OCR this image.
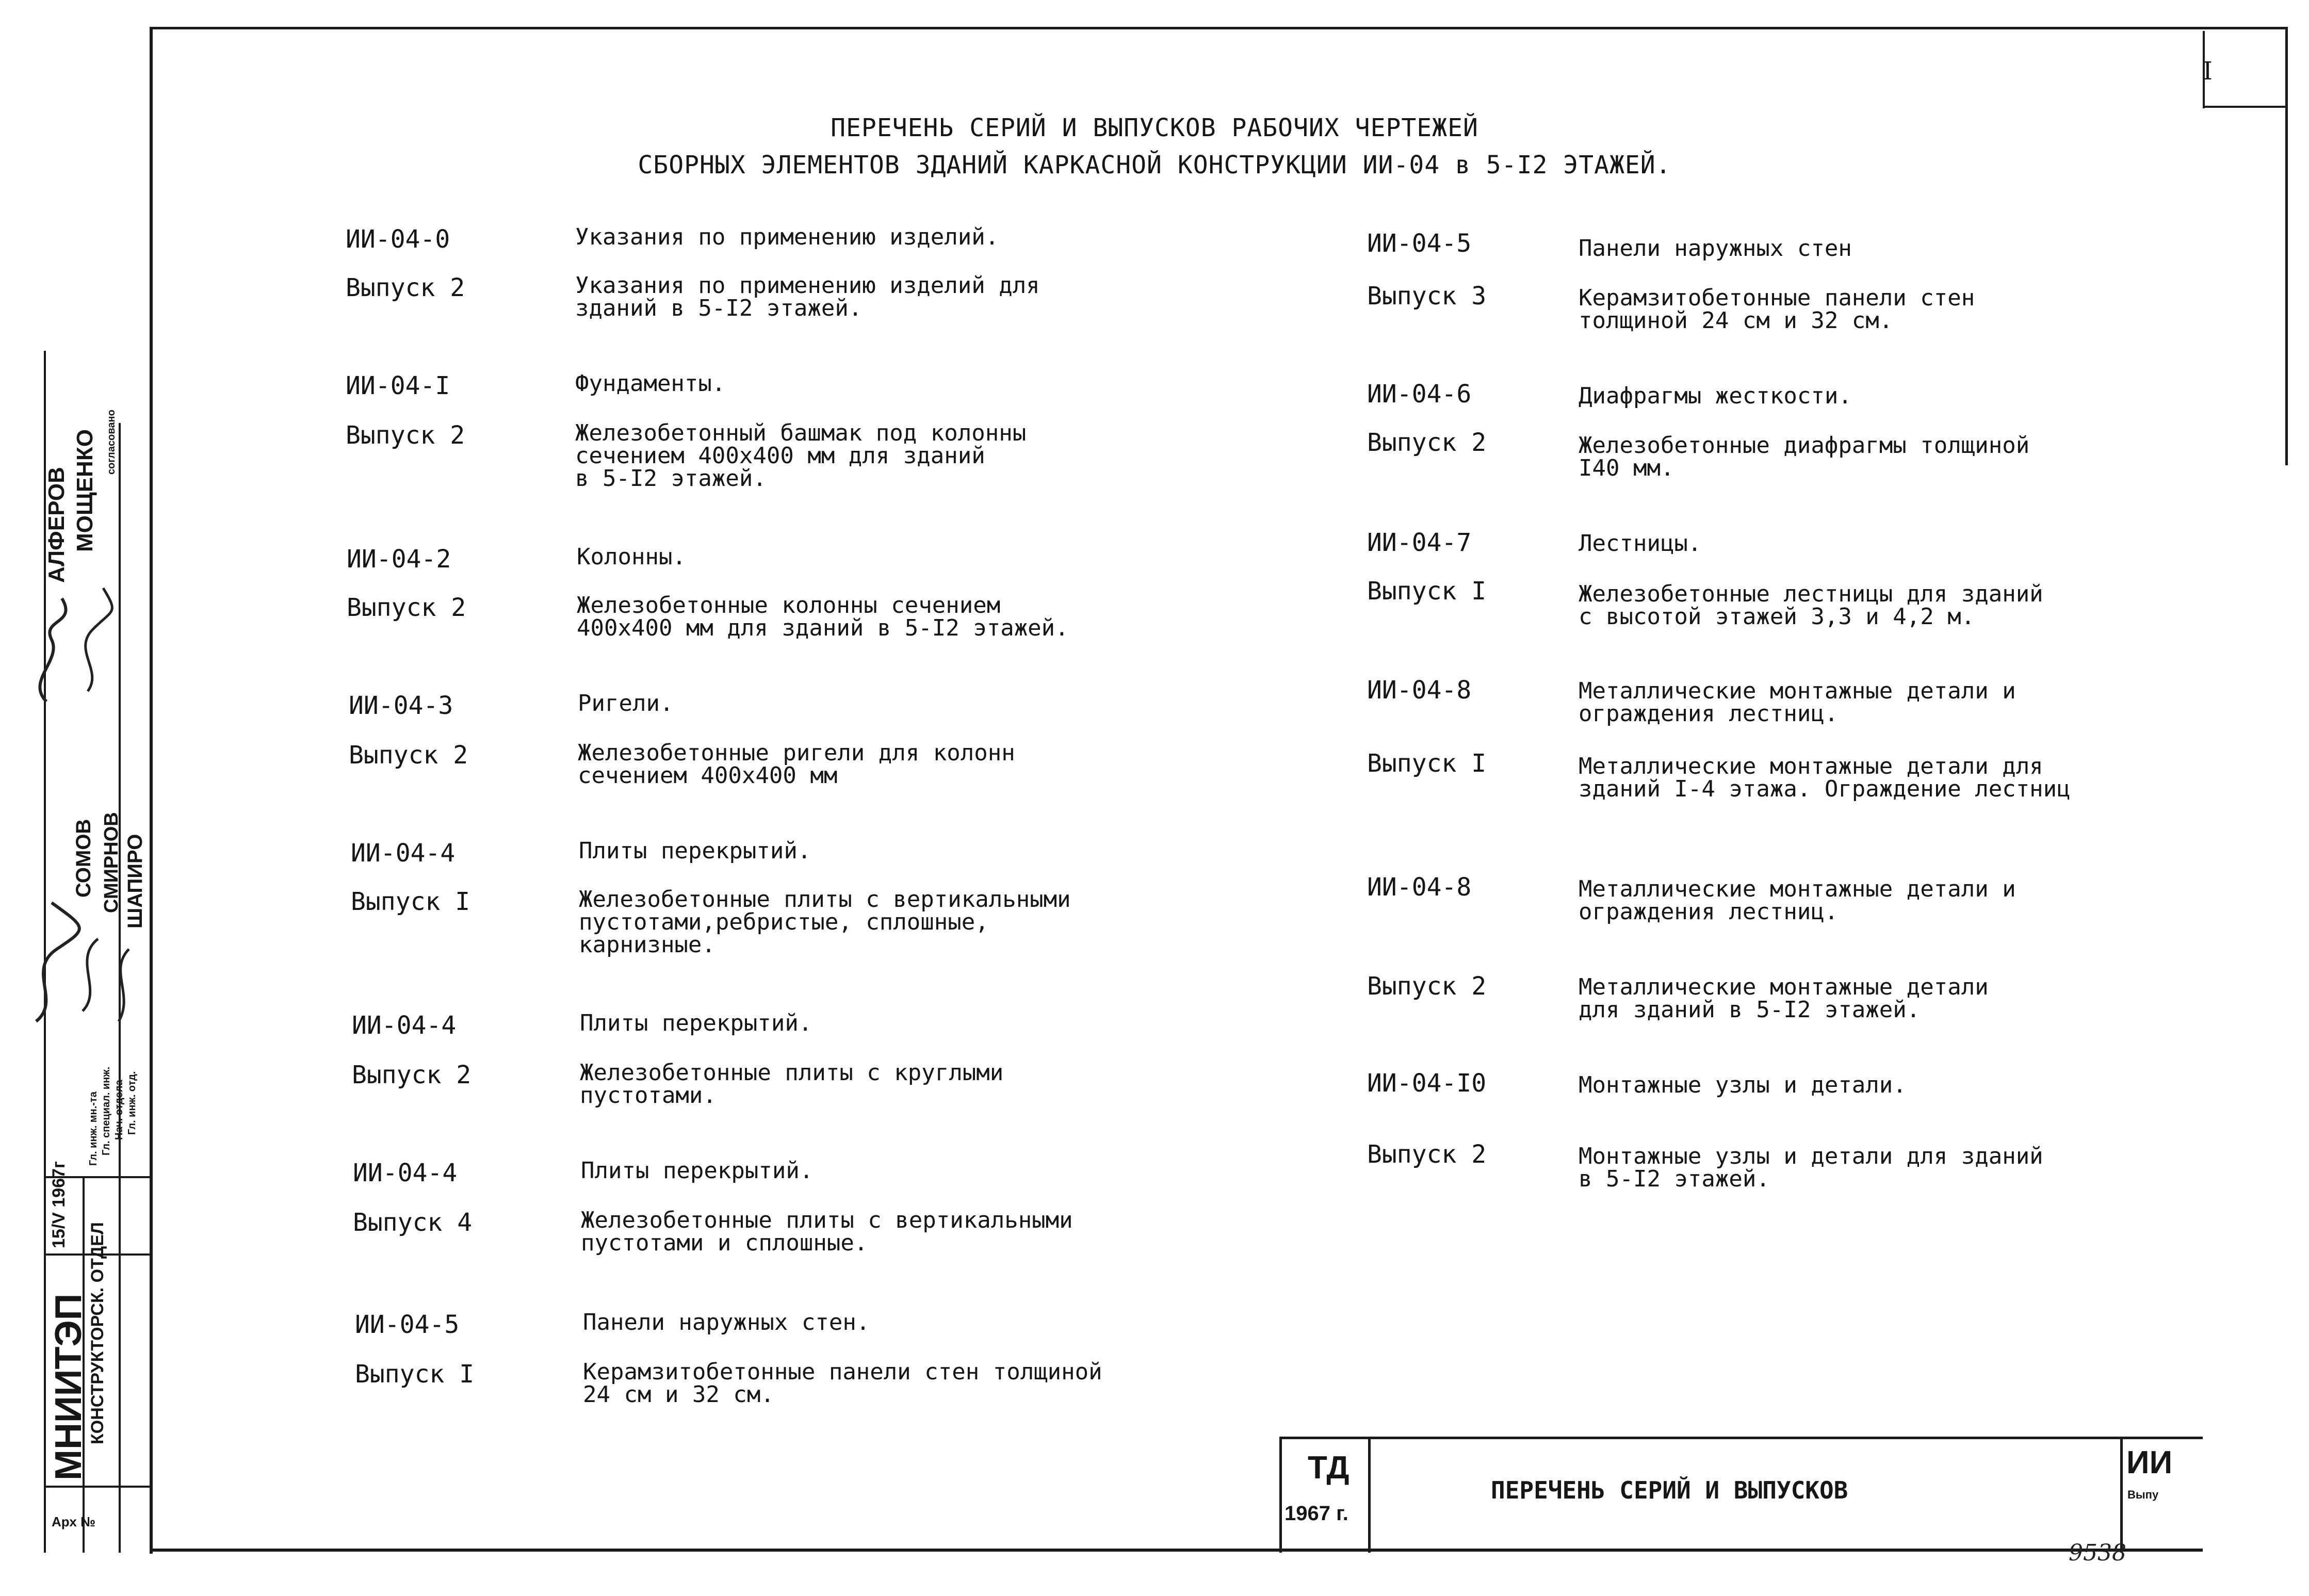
I
ПЕРЕЧЕНЬ СЕРИЙ И ВЫПУСКОВ РАБОЧИХ ЧЕРТЕЖЕЙ
СБОРНЫХ ЭЛЕМЕНТОВ ЗДАНИЙ КАРКАСНОЙ КОНСТРУКЦИИ ИИ-04 в 5-I2 ЭТАЖЕЙ.
ИИ-04-0	Указания по применению изделий.
Выпуск 2	Указания по применению изделий для
зданий в 5-I2 этажей.
ИИ-04-I	Фундаменты.
Выпуск 2	Железобетонный башмак под колонны
сечением 400х400 мм для зданий
в 5-I2 этажей.
ИИ-04-2	Колонны.
Выпуск 2	Железобетонные колонны сечением
400х400 мм для зданий в 5-I2 этажей.
ИИ-04-3	Ригели.
Выпуск 2	Железобетонные ригели для колонн
сечением 400х400 мм
ИИ-04-4	Плиты перекрытий.
Выпуск I	Железобетонные плиты с вертикальными
пустотами,ребристые, сплошные,
карнизные.
ИИ-04-4	Плиты перекрытий.
Выпуск 2	Железобетонные плиты с круглыми
пустотами.
ИИ-04-4	Плиты перекрытий.
Выпуск 4	Железобетонные плиты с вертикальными
пустотами и сплошные.
ИИ-04-5	Панели наружных стен.
Выпуск I	Керамзитобетонные панели стен толщиной
24 см и 32 см.
ИИ-04-5	Панели наружных стен
Выпуск 3	Керамзитобетонные панели стен
толщиной 24 см и 32 см.
ИИ-04-6	Диафрагмы жесткости.
Выпуск 2	Железобетонные диафрагмы толщиной
I40 мм.
ИИ-04-7	Лестницы.
Выпуск I	Железобетонные лестницы для зданий
с высотой этажей 3,3 и 4,2 м.
ИИ-04-8	Металлические монтажные детали и
ограждения лестниц.
Выпуск I	Металлические монтажные детали для
зданий I-4 этажа. Ограждение лестниц
ИИ-04-8	Металлические монтажные детали и
ограждения лестниц.
Выпуск 2	Металлические монтажные детали
для зданий в 5-I2 этажей.
ИИ-04-I0	Монтажные узлы и детали.
Выпуск 2	Монтажные узлы и детали для зданий
в 5-I2 этажей.
ТД
1967 г.
ПЕРЕЧЕНЬ СЕРИЙ И ВЫПУСКОВ
ИИ
Выпу
9538
МНИИТЭП
КОНСТРУКТОРСК. ОТДЕЛ
15/V 1967г
Арх №
АЛФЕРОВ МОЩЕНКО
СОМОВ СМИРНОВ ШАПИРО
Гл. инж. мн.-та Гл. специал. инж. Нач. отдела Гл. инж. отд.
согласовано
